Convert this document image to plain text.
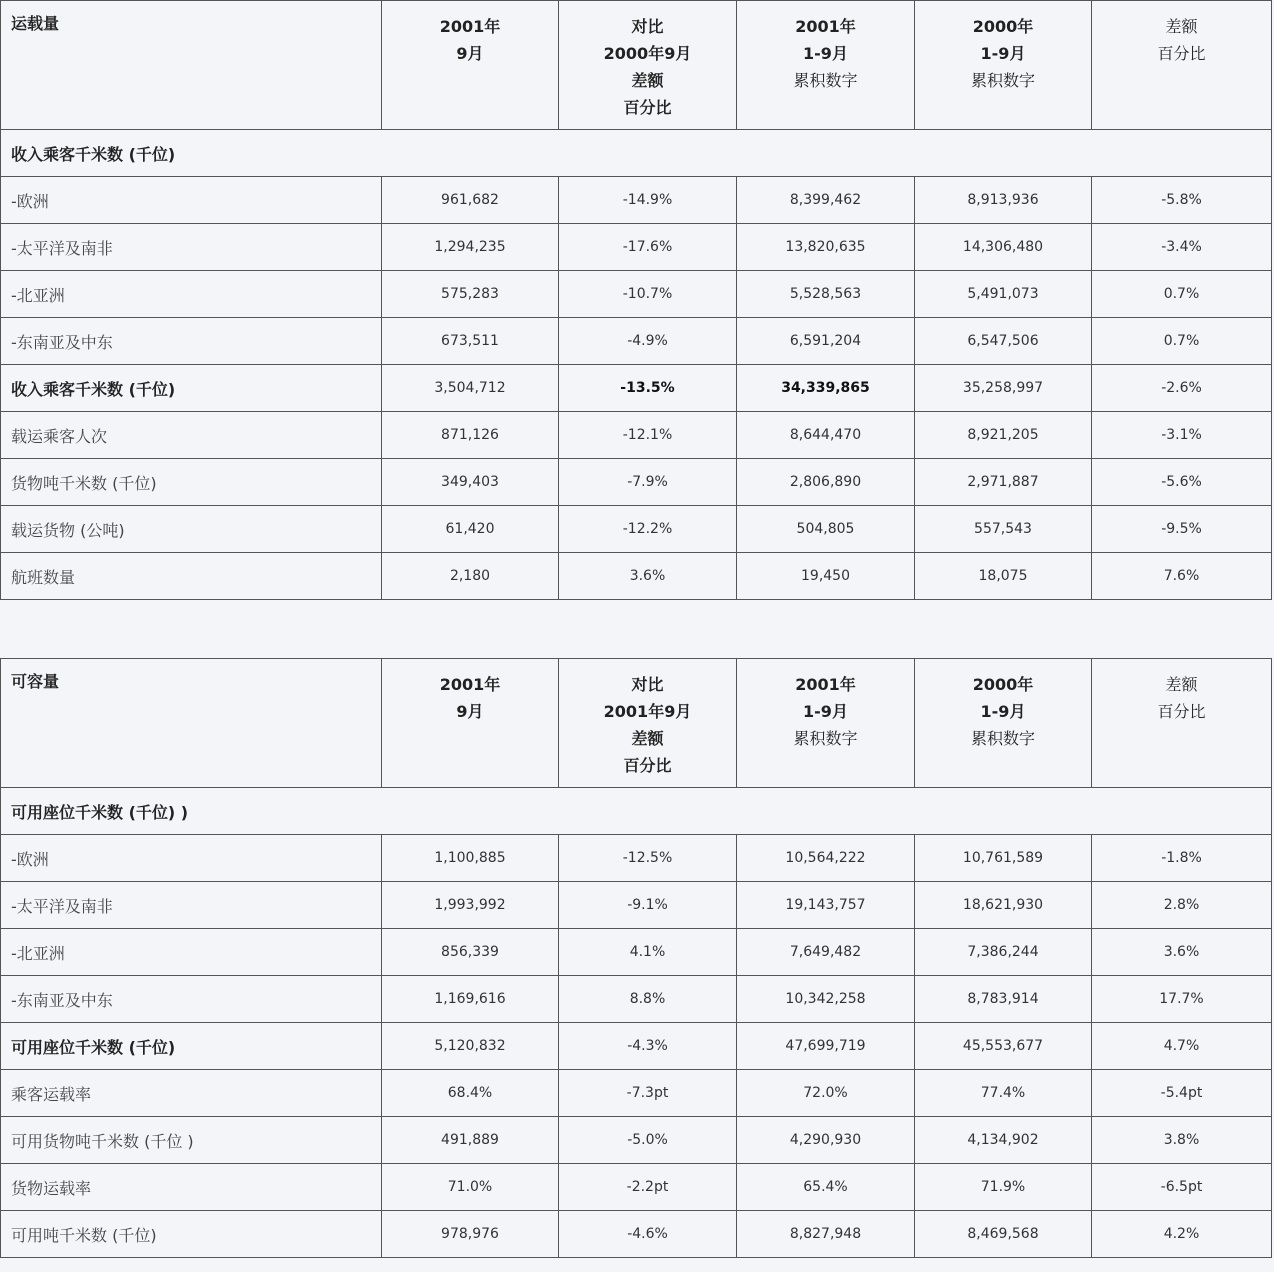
运载量	2001年
9月	对比
2000年9月
差额
百分比	2001年
1-9月
累积数字	2000年
1-9月
累积数字	差额
百分比

收入乘客千米数 (千位)					
-欧洲	961,682	-14.9%	8,399,462	8,913,936	-5.8%
-太平洋及南非	1,294,235	-17.6%	13,820,635	14,306,480	-3.4%
-北亚洲	575,283	-10.7%	5,528,563	5,491,073	0.7%
-东南亚及中东	673,511	-4.9%	6,591,204	6,547,506	0.7%
收入乘客千米数 (千位)	3,504,712	-13.5%	34,339,865	35,258,997	-2.6%
载运乘客人次	871,126	-12.1%	8,644,470	8,921,205	-3.1%
货物吨千米数 (千位)	349,403	-7.9%	2,806,890	2,971,887	-5.6%
载运货物 (公吨)	61,420	-12.2%	504,805	557,543	-9.5%
航班数量	2,180	3.6%	19,450	18,075	7.6%
可容量	2001年
9月	对比
2001年9月
差额
百分比	2001年
1-9月
累积数字	2000年
1-9月
累积数字	差额
百分比

可用座位千米数 (千位) )					
-欧洲	1,100,885	-12.5%	10,564,222	10,761,589	-1.8%
-太平洋及南非	1,993,992	-9.1%	19,143,757	18,621,930	2.8%
-北亚洲	856,339	4.1%	7,649,482	7,386,244	3.6%
-东南亚及中东	1,169,616	8.8%	10,342,258	8,783,914	17.7%
可用座位千米数 (千位)	5,120,832	-4.3%	47,699,719	45,553,677	4.7%
乘客运载率	68.4%	-7.3pt	72.0%	77.4%	-5.4pt
可用货物吨千米数 (千位 )	491,889	-5.0%	4,290,930	4,134,902	3.8%
货物运载率	71.0%	-2.2pt	65.4%	71.9%	-6.5pt
可用吨千米数 (千位)	978,976	-4.6%	8,827,948	8,469,568	4.2%
